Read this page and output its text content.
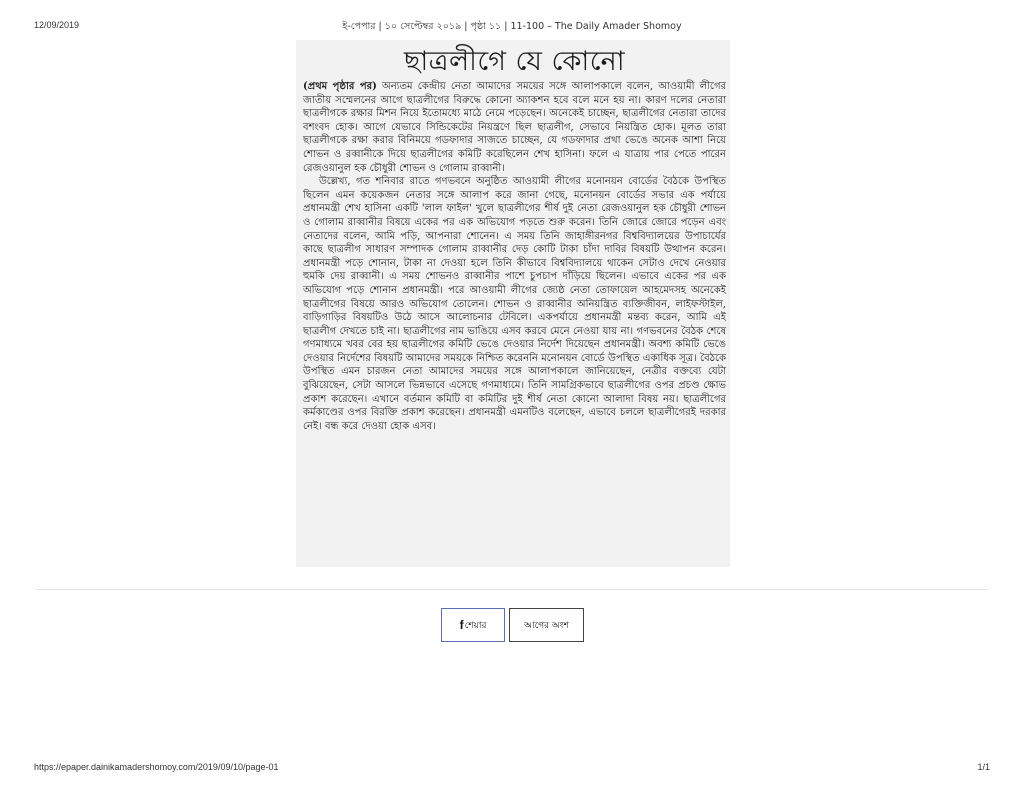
12/09/2019	ই-পেপার | ১০ সেপ্টেম্বর ২০১৯ | পৃষ্ঠা ১১ | 11-100 – The Daily Amader Shomoy
ছাত্রলীগে যে কোনো

(প্রথম পৃষ্ঠার পর) অন্যতম কেন্দ্রীয় নেতা আমাদের সময়ের সঙ্গে আলাপকালে বলেন, আওয়ামী লীগের জাতীয় সম্মেলনের আগে ছাত্রলীগের বিরুদ্ধে কোনো অ্যাকশন হবে বলে মনে হয় না। কারণ দলের নেতারা ছাত্রলীগকে রক্ষার মিশন নিয়ে ইতোমধ্যে মাঠে নেমে পড়েছেন। অনেকেই চাচ্ছেন, ছাত্রলীগের নেতারা তাদের বশংবদ হোক। আগে যেভাবে সিন্ডিকেটের নিয়ন্ত্রণে ছিল ছাত্রলীগ, সেভাবে নিয়ন্ত্রিত হোক। মূলত তারা ছাত্রলীগকে রক্ষা করার বিনিময়ে গডফাদার সাজতে চাচ্ছেন, যে গডফাদার প্রথা ভেঙে অনেক আশা নিয়ে শোভন ও রব্বানীকে দিয়ে ছাত্রলীগের কমিটি করেছিলেন শেখ হাসিনা। ফলে এ যাত্রায় পার পেতে পারেন রেজওয়ানুল হক চৌধুরী শোভন ও গোলাম রাব্বানী।

উল্লেখ্য, গত শনিবার রাতে গণভবনে অনুষ্ঠিত আওয়ামী লীগের মনোনয়ন বোর্ডের বৈঠকে উপস্থিত ছিলেন এমন কয়েকজন নেতার সঙ্গে আলাপ করে জানা গেছে, মনোনয়ন বোর্ডের সভার এক পর্যায়ে প্রধানমন্ত্রী শেখ হাসিনা একটি 'লাল ফাইল' খুলে ছাত্রলীগের শীর্ষ দুই নেতা রেজওয়ানুল হক চৌধুরী শোভন ও গোলাম রাব্বানীর বিষয়ে একের পর এক অভিযোগ পড়তে শুরু করেন। তিনি জোরে জোরে পড়েন এবং নেতাদের বলেন, আমি পড়ি, আপনারা শোনেন। এ সময় তিনি জাহাঙ্গীরনগর বিশ্ববিদ্যালয়ের উপাচার্যের কাছে ছাত্রলীগ সাধারণ সম্পাদক গোলাম রাব্বানীর দেড় কোটি টাকা চাঁদা দাবির বিষয়টি উত্থাপন করেন। প্রধানমন্ত্রী পড়ে শোনান, টাকা না দেওয়া হলে তিনি কীভাবে বিশ্ববিদ্যালয়ে থাকেন সেটাও দেখে নেওয়ার হুমকি দেয় রাব্বানী। এ সময় শোভনও রাব্বানীর পাশে চুপচাপ দাঁড়িয়ে ছিলেন। এভাবে একের পর এক অভিযোগ পড়ে শোনান প্রধানমন্ত্রী। পরে আওয়ামী লীগের জ্যেষ্ঠ নেতা তোফায়েল আহমেদসহ অনেকেই ছাত্রলীগের বিষয়ে আরও অভিযোগ তোলেন। শোভন ও রাব্বানীর অনিয়ন্ত্রিত ব্যক্তিজীবন, লাইফস্টাইল, বাড়িগাড়ির বিষয়টিও উঠে আসে আলোচনার টেবিলে। একপর্যায়ে প্রধানমন্ত্রী মন্তব্য করেন, আমি এই ছাত্রলীগ দেখতে চাই না। ছাত্রলীগের নাম ভাঙিয়ে এসব করবে মেনে নেওয়া যায় না। গণভবনের বৈঠক শেষে গণমাধ্যমে খবর বের হয় ছাত্রলীগের কমিটি ভেঙে দেওয়ার নির্দেশ দিয়েছেন প্রধানমন্ত্রী। অবশ্য কমিটি ভেঙে দেওয়ার নির্দেশের বিষয়টি আমাদের সময়কে নিশ্চিত করেননি মনোনয়ন বোর্ডে উপস্থিত একাধিক সূত্র। বৈঠকে উপস্থিত এমন চারজন নেতা আমাদের সময়ের সঙ্গে আলাপকালে জানিয়েছেন, নেত্রীর বক্তব্যে যেটা বুঝিয়েছেন, সেটা আসলে ভিন্নভাবে এসেছে গণমাধ্যমে। তিনি সামগ্রিকভাবে ছাত্রলীগের ওপর প্রচণ্ড ক্ষোভ প্রকাশ করেছেন। এখানে বর্তমান কমিটি বা কমিটির দুই শীর্ষ নেতা কোনো আলাদা বিষয় নয়। ছাত্রলীগের কর্মকাণ্ডের ওপর বিরক্তি প্রকাশ করেছেন। প্রধানমন্ত্রী এমনটিও বলেছেন, এভাবে চললে ছাত্রলীগেরই দরকার নেই। বন্ধ করে দেওয়া হোক এসব।

f শেয়ার	আগের অংশ
https://epaper.dainikamadershomoy.com/2019/09/10/page-01	1/1
